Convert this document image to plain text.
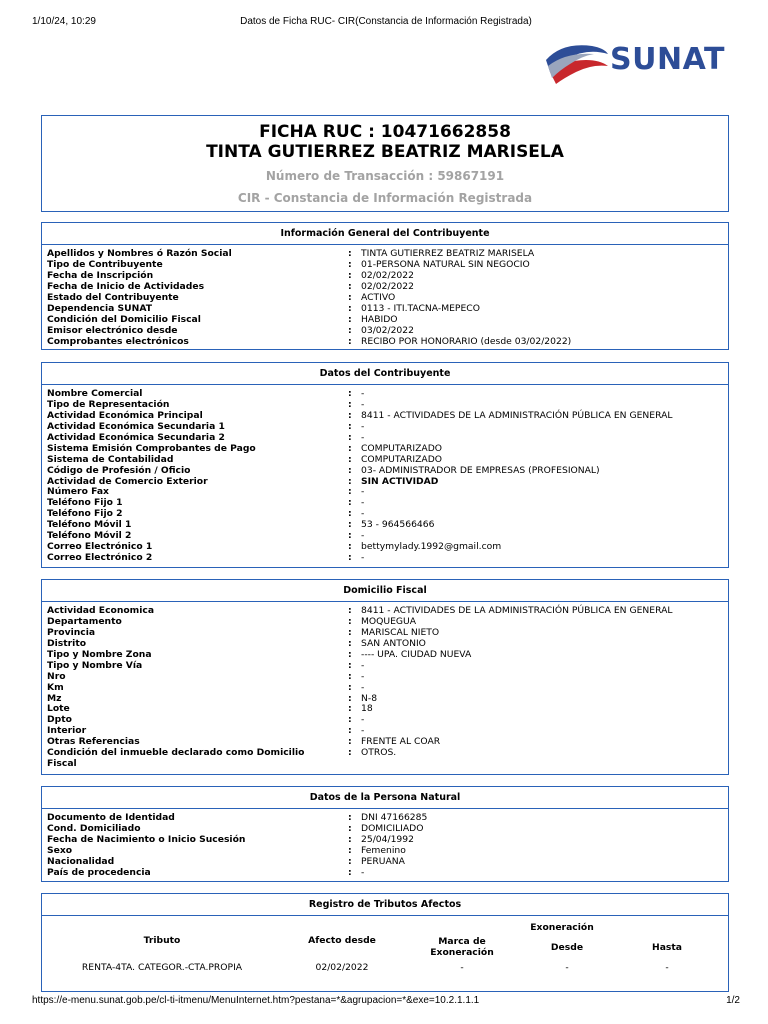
1/10/24, 10:29	Datos de Ficha RUC- CIR(Constancia de Información Registrada)
SUNAT
FICHA RUC : 10471662858
TINTA GUTIERREZ BEATRIZ MARISELA
Número de Transacción : 59867191
CIR - Constancia de Información Registrada
Información General del Contribuyente
Apellidos y Nombres ó Razón Social	: TINTA GUTIERREZ BEATRIZ MARISELA
Tipo de Contribuyente	: 01-PERSONA NATURAL SIN NEGOCIO
Fecha de Inscripción	: 02/02/2022
Fecha de Inicio de Actividades	: 02/02/2022
Estado del Contribuyente	: ACTIVO
Dependencia SUNAT	: 0113 - ITI.TACNA-MEPECO
Condición del Domicilio Fiscal	: HABIDO
Emisor electrónico desde	: 03/02/2022
Comprobantes electrónicos	: RECIBO POR HONORARIO (desde 03/02/2022)
Datos del Contribuyente
Nombre Comercial	: -
Tipo de Representación	: -
Actividad Económica Principal	: 8411 - ACTIVIDADES DE LA ADMINISTRACIÓN PÚBLICA EN GENERAL
Actividad Económica Secundaria 1	: -
Actividad Económica Secundaria 2	: -
Sistema Emisión Comprobantes de Pago	: COMPUTARIZADO
Sistema de Contabilidad	: COMPUTARIZADO
Código de Profesión / Oficio	: 03- ADMINISTRADOR DE EMPRESAS (PROFESIONAL)
Actividad de Comercio Exterior	: SIN ACTIVIDAD
Número Fax	: -
Teléfono Fijo 1	: -
Teléfono Fijo 2	: -
Teléfono Móvil 1	: 53 - 964566466
Teléfono Móvil 2	: -
Correo Electrónico 1	: bettymylady.1992@gmail.com
Correo Electrónico 2	: -
Domicilio Fiscal
Actividad Economica	: 8411 - ACTIVIDADES DE LA ADMINISTRACIÓN PÚBLICA EN GENERAL
Departamento	: MOQUEGUA
Provincia	: MARISCAL NIETO
Distrito	: SAN ANTONIO
Tipo y Nombre Zona	: ---- UPA. CIUDAD NUEVA
Tipo y Nombre Vía	: -
Nro	: -
Km	: -
Mz	: N-8
Lote	: 18
Dpto	: -
Interior	: -
Otras Referencias	: FRENTE AL COAR
Condición del inmueble declarado como Domicilio Fiscal
: OTROS.
Datos de la Persona Natural
Documento de Identidad	: DNI 47166285
Cond. Domiciliado	: DOMICILIADO
Fecha de Nacimiento o Inicio Sucesión	: 25/04/1992
Sexo	: Femenino
Nacionalidad	: PERUANA
País de procedencia	: -
Registro de Tributos Afectos
Exoneración
Tributo	Afecto desde	Marca de Exoneración	Desde	Hasta
RENTA-4TA. CATEGOR.-CTA.PROPIA	02/02/2022	-	-	-
https://e-menu.sunat.gob.pe/cl-ti-itmenu/MenuInternet.htm?pestana=*&agrupacion=*&exe=10.2.1.1.1	1/2
